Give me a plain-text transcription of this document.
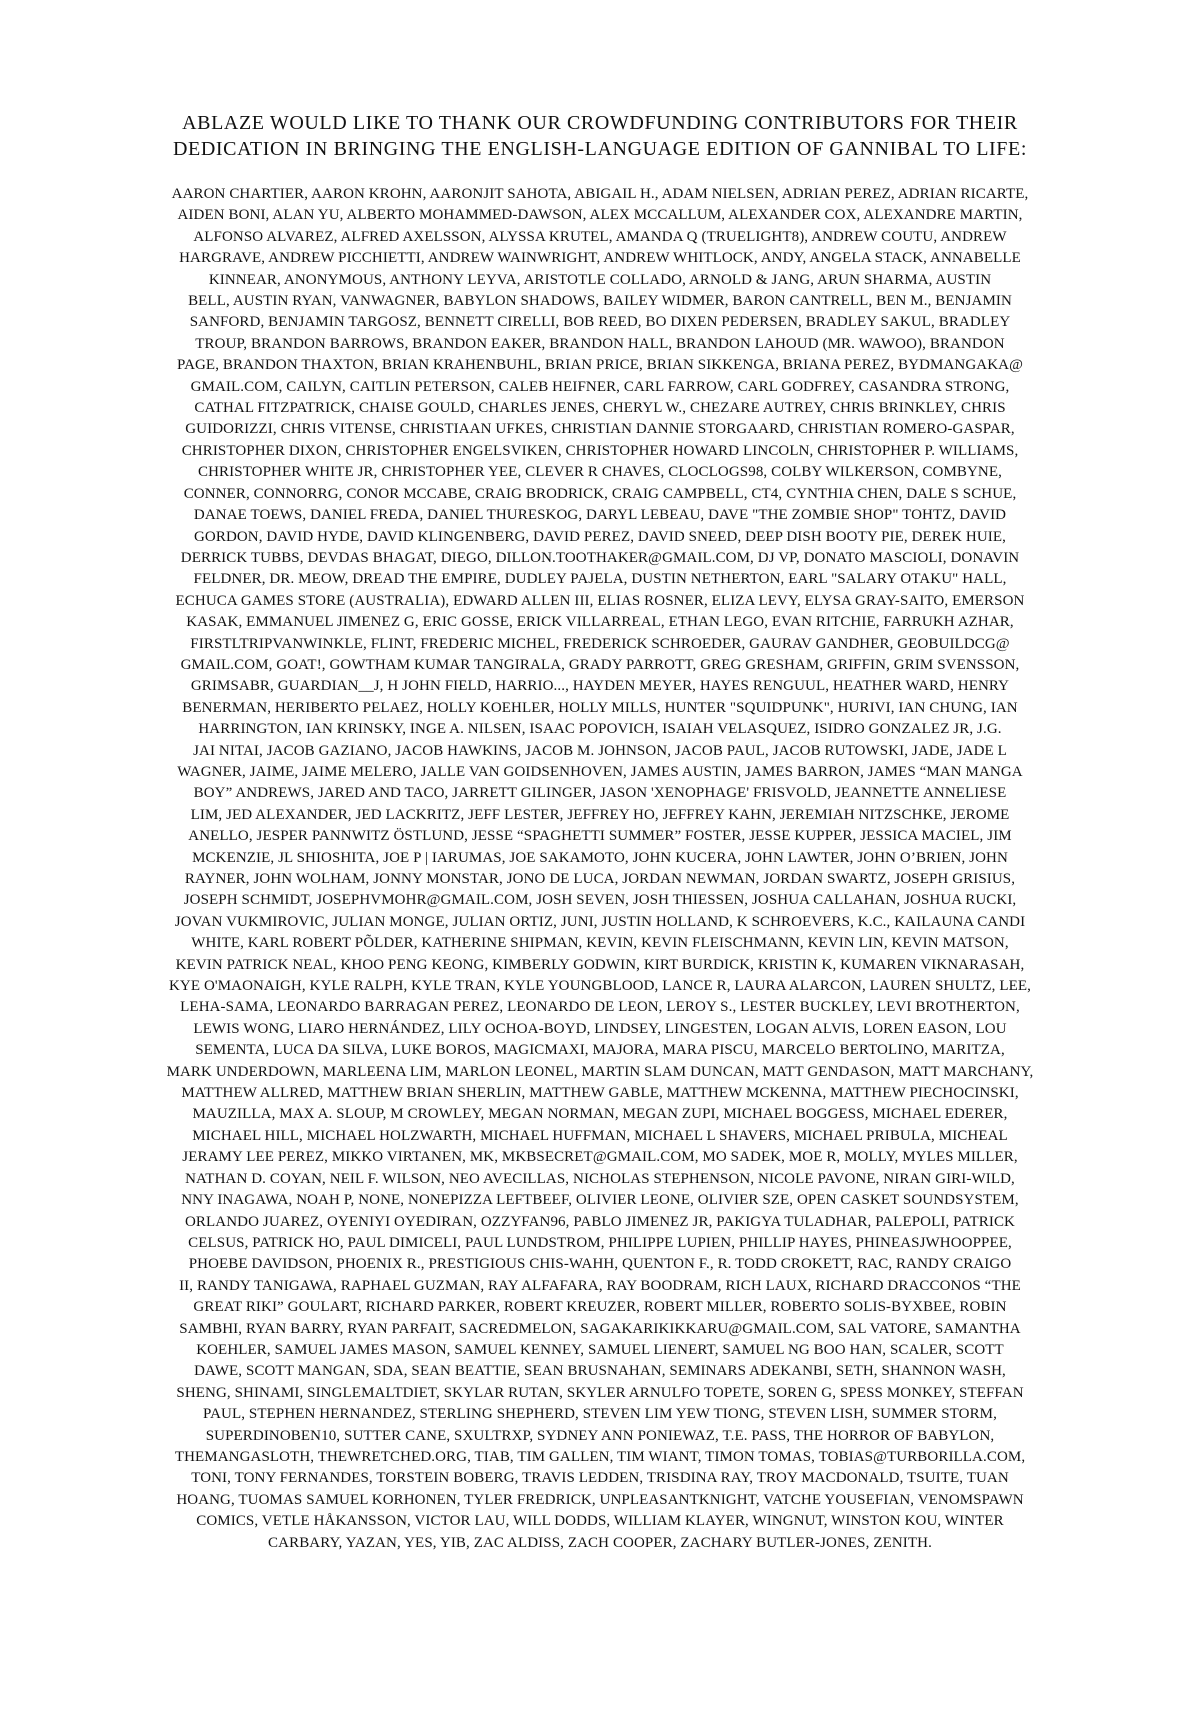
ABLAZE WOULD LIKE TO THANK OUR CROWDFUNDING CONTRIBUTORS FOR THEIR
DEDICATION IN BRINGING THE ENGLISH-LANGUAGE EDITION OF GANNIBAL TO LIFE:
AARON CHARTIER, AARON KROHN, AARONJIT SAHOTA, ABIGAIL H., ADAM NIELSEN, ADRIAN PEREZ, ADRIAN RICARTE,
AIDEN BONI, ALAN YU, ALBERTO MOHAMMED-DAWSON, ALEX MCCALLUM, ALEXANDER COX, ALEXANDRE MARTIN,
ALFONSO ALVAREZ, ALFRED AXELSSON, ALYSSA KRUTEL, AMANDA Q (TRUELIGHT8), ANDREW COUTU, ANDREW
HARGRAVE, ANDREW PICCHIETTI, ANDREW WAINWRIGHT, ANDREW WHITLOCK, ANDY, ANGELA STACK, ANNABELLE
KINNEAR, ANONYMOUS, ANTHONY LEYVA, ARISTOTLE COLLADO, ARNOLD & JANG, ARUN SHARMA, AUSTIN
BELL, AUSTIN RYAN, VANWAGNER, BABYLON SHADOWS, BAILEY WIDMER, BARON CANTRELL, BEN M., BENJAMIN
SANFORD, BENJAMIN TARGOSZ, BENNETT CIRELLI, BOB REED, BO DIXEN PEDERSEN, BRADLEY SAKUL, BRADLEY
TROUP, BRANDON BARROWS, BRANDON EAKER, BRANDON HALL, BRANDON LAHOUD (MR. WAWOO), BRANDON
PAGE, BRANDON THAXTON, BRIAN KRAHENBUHL, BRIAN PRICE, BRIAN SIKKENGA, BRIANA PEREZ, BYDMANGAKA@
GMAIL.COM, CAILYN, CAITLIN PETERSON, CALEB HEIFNER, CARL FARROW, CARL GODFREY, CASANDRA STRONG,
CATHAL FITZPATRICK, CHAISE GOULD, CHARLES JENES, CHERYL W., CHEZARE AUTREY, CHRIS BRINKLEY, CHRIS
GUIDORIZZI, CHRIS VITENSE, CHRISTIAAN UFKES, CHRISTIAN DANNIE STORGAARD, CHRISTIAN ROMERO-GASPAR,
CHRISTOPHER DIXON, CHRISTOPHER ENGELSVIKEN, CHRISTOPHER HOWARD LINCOLN, CHRISTOPHER P. WILLIAMS,
CHRISTOPHER WHITE JR, CHRISTOPHER YEE, CLEVER R CHAVES, CLOCLOGS98, COLBY WILKERSON, COMBYNE,
CONNER, CONNORRG, CONOR MCCABE, CRAIG BRODRICK, CRAIG CAMPBELL, CT4, CYNTHIA CHEN, DALE S SCHUE,
DANAE TOEWS, DANIEL FREDA, DANIEL THURESKOG, DARYL LEBEAU, DAVE "THE ZOMBIE SHOP" TOHTZ, DAVID
GORDON, DAVID HYDE, DAVID KLINGENBERG, DAVID PEREZ, DAVID SNEED, DEEP DISH BOOTY PIE, DEREK HUIE,
DERRICK TUBBS, DEVDAS BHAGAT, DIEGO, DILLON.TOOTHAKER@GMAIL.COM, DJ VP, DONATO MASCIOLI, DONAVIN
FELDNER, DR. MEOW, DREAD THE EMPIRE, DUDLEY PAJELA, DUSTIN NETHERTON, EARL "SALARY OTAKU" HALL,
ECHUCA GAMES STORE (AUSTRALIA), EDWARD ALLEN III, ELIAS ROSNER, ELIZA LEVY, ELYSA GRAY-SAITO, EMERSON
KASAK, EMMANUEL JIMENEZ G, ERIC GOSSE, ERICK VILLARREAL, ETHAN LEGO, EVAN RITCHIE, FARRUKH AZHAR,
FIRSTLTRIPVANWINKLE, FLINT, FREDERIC MICHEL, FREDERICK SCHROEDER, GAURAV GANDHER, GEOBUILDCG@
GMAIL.COM, GOAT!, GOWTHAM KUMAR TANGIRALA, GRADY PARROTT, GREG GRESHAM, GRIFFIN, GRIM SVENSSON,
GRIMSABR, GUARDIAN__J, H JOHN FIELD, HARRIO..., HAYDEN MEYER, HAYES RENGUUL, HEATHER WARD, HENRY
BENERMAN, HERIBERTO PELAEZ, HOLLY KOEHLER, HOLLY MILLS, HUNTER "SQUIDPUNK", HURIVI, IAN CHUNG, IAN
HARRINGTON, IAN KRINSKY, INGE A. NILSEN, ISAAC POPOVICH, ISAIAH VELASQUEZ, ISIDRO GONZALEZ JR, J.G.
JAI NITAI, JACOB GAZIANO, JACOB HAWKINS, JACOB M. JOHNSON, JACOB PAUL, JACOB RUTOWSKI, JADE, JADE L
WAGNER, JAIME, JAIME MELERO, JALLE VAN GOIDSENHOVEN, JAMES AUSTIN, JAMES BARRON, JAMES “MAN MANGA
BOY” ANDREWS, JARED AND TACO, JARRETT GILINGER, JASON 'XENOPHAGE' FRISVOLD, JEANNETTE ANNELIESE
LIM, JED ALEXANDER, JED LACKRITZ, JEFF LESTER, JEFFREY HO, JEFFREY KAHN, JEREMIAH NITZSCHKE, JEROME
ANELLO, JESPER PANNWITZ ÖSTLUND, JESSE “SPAGHETTI SUMMER” FOSTER, JESSE KUPPER, JESSICA MACIEL, JIM
MCKENZIE, JL SHIOSHITA, JOE P | IARUMAS, JOE SAKAMOTO, JOHN KUCERA, JOHN LAWTER, JOHN O’BRIEN, JOHN
RAYNER, JOHN WOLHAM, JONNY MONSTAR, JONO DE LUCA, JORDAN NEWMAN, JORDAN SWARTZ, JOSEPH GRISIUS,
JOSEPH SCHMIDT, JOSEPHVMOHR@GMAIL.COM, JOSH SEVEN, JOSH THIESSEN, JOSHUA CALLAHAN, JOSHUA RUCKI,
JOVAN VUKMIROVIC, JULIAN MONGE, JULIAN ORTIZ, JUNI, JUSTIN HOLLAND, K SCHROEVERS, K.C., KAILAUNA CANDI
WHITE, KARL ROBERT PÕLDER, KATHERINE SHIPMAN, KEVIN, KEVIN FLEISCHMANN, KEVIN LIN, KEVIN MATSON,
KEVIN PATRICK NEAL, KHOO PENG KEONG, KIMBERLY GODWIN, KIRT BURDICK, KRISTIN K, KUMAREN VIKNARASAH,
KYE O'MAONAIGH, KYLE RALPH, KYLE TRAN, KYLE YOUNGBLOOD, LANCE R, LAURA ALARCON, LAUREN SHULTZ, LEE,
LEHA-SAMA, LEONARDO BARRAGAN PEREZ, LEONARDO DE LEON, LEROY S., LESTER BUCKLEY, LEVI BROTHERTON,
LEWIS WONG, LIARO HERNÁNDEZ, LILY OCHOA-BOYD, LINDSEY, LINGESTEN, LOGAN ALVIS, LOREN EASON, LOU
SEMENTA, LUCA DA SILVA, LUKE BOROS, MAGICMAXI, MAJORA, MARA PISCU, MARCELO BERTOLINO, MARITZA,
MARK UNDERDOWN, MARLEENA LIM, MARLON LEONEL, MARTIN SLAM DUNCAN, MATT GENDASON, MATT MARCHANY,
MATTHEW ALLRED, MATTHEW BRIAN SHERLIN, MATTHEW GABLE, MATTHEW MCKENNA, MATTHEW PIECHOCINSKI,
MAUZILLA, MAX A. SLOUP, M CROWLEY, MEGAN NORMAN, MEGAN ZUPI, MICHAEL BOGGESS, MICHAEL EDERER,
MICHAEL HILL, MICHAEL HOLZWARTH, MICHAEL HUFFMAN, MICHAEL L SHAVERS, MICHAEL PRIBULA, MICHEAL
JERAMY LEE PEREZ, MIKKO VIRTANEN, MK, MKBSECRET@GMAIL.COM, MO SADEK, MOE R, MOLLY, MYLES MILLER,
NATHAN D. COYAN, NEIL F. WILSON, NEO AVECILLAS, NICHOLAS STEPHENSON, NICOLE PAVONE, NIRAN GIRI-WILD,
NNY INAGAWA, NOAH P, NONE, NONEPIZZA LEFTBEEF, OLIVIER LEONE, OLIVIER SZE, OPEN CASKET SOUNDSYSTEM,
ORLANDO JUAREZ, OYENIYI OYEDIRAN, OZZYFAN96, PABLO JIMENEZ JR, PAKIGYA TULADHAR, PALEPOLI, PATRICK
CELSUS, PATRICK HO, PAUL DIMICELI, PAUL LUNDSTROM, PHILIPPE LUPIEN, PHILLIP HAYES, PHINEASJWHOOPPEE,
PHOEBE DAVIDSON, PHOENIX R., PRESTIGIOUS CHIS-WAHH, QUENTON F., R. TODD CROKETT, RAC, RANDY CRAIGO
II, RANDY TANIGAWA, RAPHAEL GUZMAN, RAY ALFAFARA, RAY BOODRAM, RICH LAUX, RICHARD DRACCONOS “THE
GREAT RIKI” GOULART, RICHARD PARKER, ROBERT KREUZER, ROBERT MILLER, ROBERTO SOLIS-BYXBEE, ROBIN
SAMBHI, RYAN BARRY, RYAN PARFAIT, SACREDMELON, SAGAKARIKIKKARU@GMAIL.COM, SAL VATORE, SAMANTHA
KOEHLER, SAMUEL JAMES MASON, SAMUEL KENNEY, SAMUEL LIENERT, SAMUEL NG BOO HAN, SCALER, SCOTT
DAWE, SCOTT MANGAN, SDA, SEAN BEATTIE, SEAN BRUSNAHAN, SEMINARS ADEKANBI, SETH, SHANNON WASH,
SHENG, SHINAMI, SINGLEMALTDIET, SKYLAR RUTAN, SKYLER ARNULFO TOPETE, SOREN G, SPESS MONKEY, STEFFAN
PAUL, STEPHEN HERNANDEZ, STERLING SHEPHERD, STEVEN LIM YEW TIONG, STEVEN LISH, SUMMER STORM,
SUPERDINOBEN10, SUTTER CANE, SXULTRXP, SYDNEY ANN PONIEWAZ, T.E. PASS, THE HORROR OF BABYLON,
THEMANGASLOTH, THEWRETCHED.ORG, TIAB, TIM GALLEN, TIM WIANT, TIMON TOMAS, TOBIAS@TURBORILLA.COM,
TONI, TONY FERNANDES, TORSTEIN BOBERG, TRAVIS LEDDEN, TRISDINA RAY, TROY MACDONALD, TSUITE, TUAN
HOANG, TUOMAS SAMUEL KORHONEN, TYLER FREDRICK, UNPLEASANTKNIGHT, VATCHE YOUSEFIAN, VENOMSPAWN
COMICS, VETLE HÅKANSSON, VICTOR LAU, WILL DODDS, WILLIAM KLAYER, WINGNUT, WINSTON KOU, WINTER
CARBARY, YAZAN, YES, YIB, ZAC ALDISS, ZACH COOPER, ZACHARY BUTLER-JONES, ZENITH.
